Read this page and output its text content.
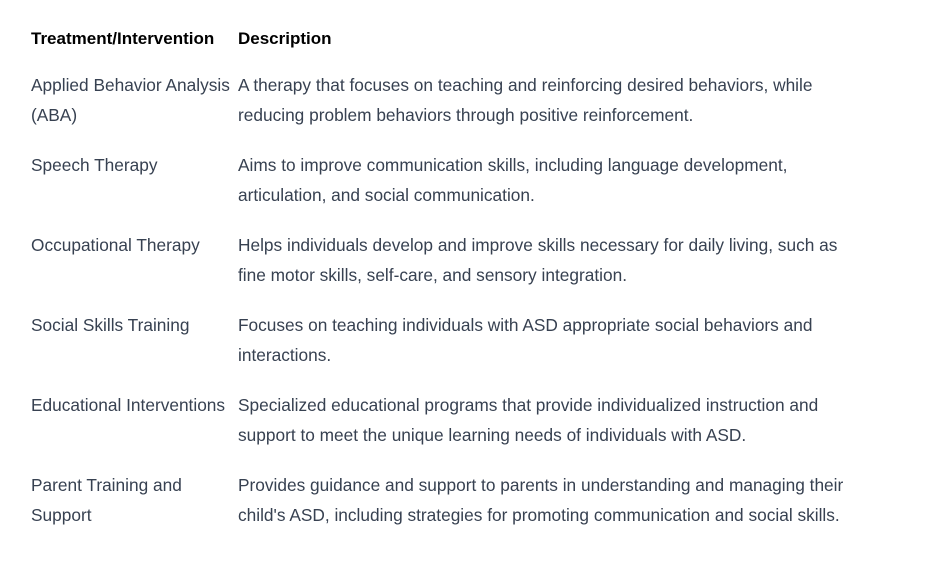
Treatment/Intervention	Description
Applied Behavior Analysis (ABA)	A therapy that focuses on teaching and reinforcing desired behaviors, while reducing problem behaviors through positive reinforcement.
Speech Therapy	Aims to improve communication skills, including language development, articulation, and social communication.
Occupational Therapy	Helps individuals develop and improve skills necessary for daily living, such as fine motor skills, self-care, and sensory integration.
Social Skills Training	Focuses on teaching individuals with ASD appropriate social behaviors and interactions.
Educational Interventions	Specialized educational programs that provide individualized instruction and support to meet the unique learning needs of individuals with ASD.
Parent Training and Support	Provides guidance and support to parents in understanding and managing their child's ASD, including strategies for promoting communication and social skills.
